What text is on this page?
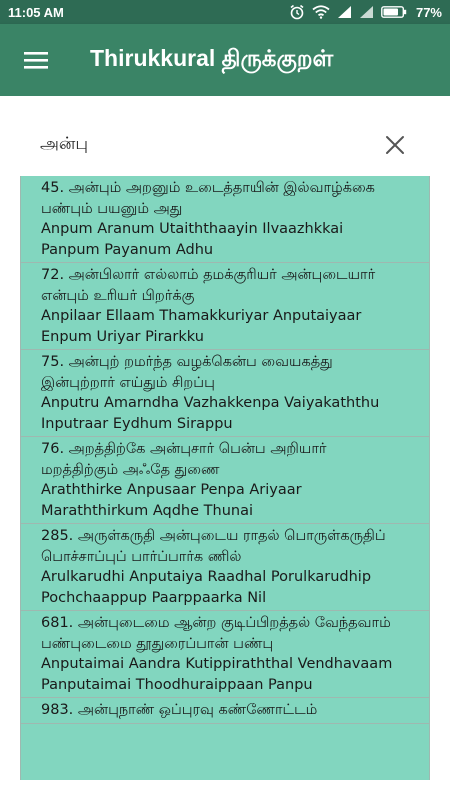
11:05 AM	77%
Thirukkural திருக்குறள்
அன்பு
45. அன்பும் அறனும் உடைத்தாயின் இல்வாழ்க்கை
பண்பும் பயனும் அது
Anpum Aranum Utaiththaayin Ilvaazhkkai
Panpum Payanum Adhu
72. அன்பிலார் எல்லாம் தமக்குரியர் அன்புடையார்
என்பும் உரியர் பிறர்க்கு
Anpilaar Ellaam Thamakkuriyar Anputaiyaar
Enpum Uriyar Pirarkku
75. அன்புற் றமர்ந்த வழக்கென்ப வையகத்து
இன்புற்றார் எய்தும் சிறப்பு
Anputru Amarndha Vazhakkenpa Vaiyakaththu
Inputraar Eydhum Sirappu
76. அறத்திற்கே அன்புசார் பென்ப அறியார்
மறத்திற்கும் அஃதே துணை
Araththirke Anpusaar Penpa Ariyaar
Maraththirkum Aqdhe Thunai
285. அருள்கருதி அன்புடைய ராதல் பொருள்கருதிப்
பொச்சாப்புப் பார்ப்பார்க ணில்
Arulkarudhi Anputaiya Raadhal Porulkarudhip
Pochchaappup Paarppaarka Nil
681. அன்புடைமை ஆன்ற குடிப்பிறத்தல் வேந்தவாம்
பண்புடைமை தூதுரைப்பான் பண்பு
Anputaimai Aandra Kutippiraththal Vendhavaam
Panputaimai Thoodhuraippaan Panpu
983. அன்புநாண் ஒப்புரவு கண்ணோட்டம்
